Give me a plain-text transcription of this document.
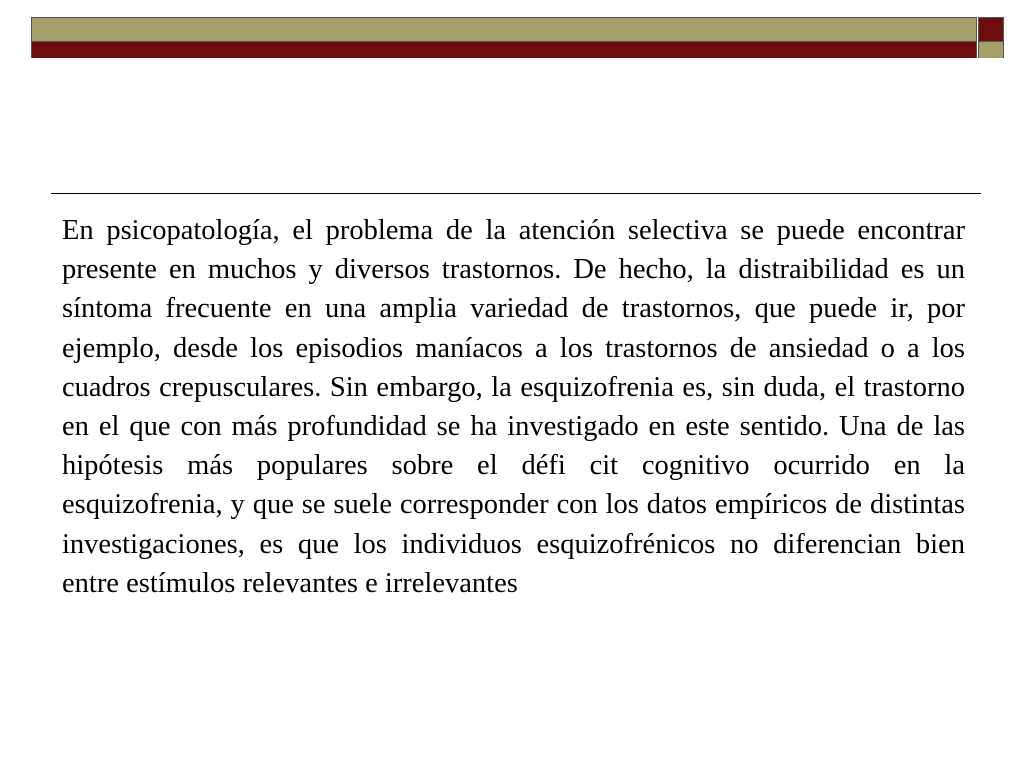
En psicopatología, el problema de la atención selectiva se puede encontrar presente en muchos y diversos trastornos. De hecho, la distraibilidad es un síntoma frecuente en una amplia variedad de trastornos, que puede ir, por ejemplo, desde los episodios maníacos a los trastornos de ansiedad o a los cuadros crepusculares. Sin embargo, la esquizofrenia es, sin duda, el trastorno en el que con más profundidad se ha investigado en este sentido. Una de las hipótesis más populares sobre el défi cit cognitivo ocurrido en la esquizofrenia, y que se suele corresponder con los datos empíricos de distintas investigaciones, es que los individuos esquizofrénicos no diferencian bien entre estímulos relevantes e irrelevantes
